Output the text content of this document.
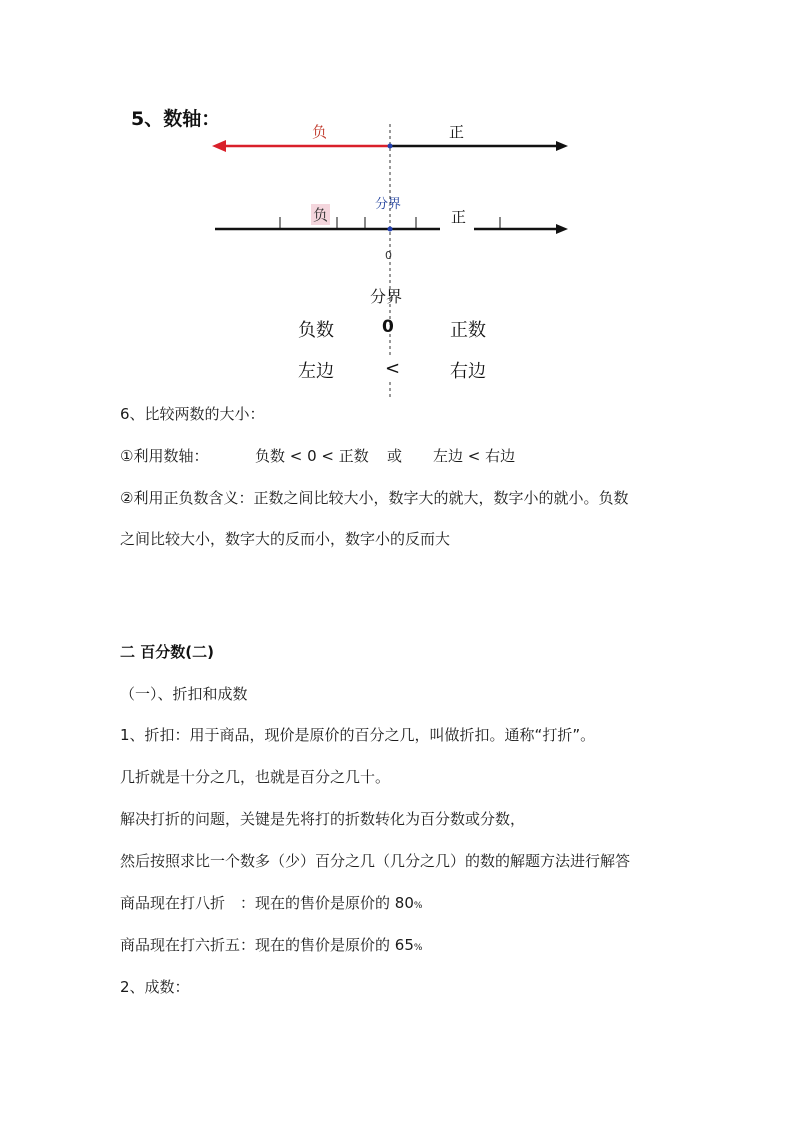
5、数轴：
负	正
分界
负	正
0
分界
负数	0	正数
左边	<	右边
6、比较两数的大小：
①利用数轴：	负数 < 0 < 正数 或 左边 < 右边
②利用正负数含义：正数之间比较大小，数字大的就大，数字小的就小。负数
之间比较大小，数字大的反而小，数字小的反而大
二 百分数(二)
（一）、折扣和成数
1、折扣：用于商品，现价是原价的百分之几，叫做折扣。通称“打折”。
几折就是十分之几，也就是百分之几十。
解决打折的问题，关键是先将打的折数转化为百分数或分数，
然后按照求比一个数多（少）百分之几（几分之几）的数的解题方法进行解答
商品现在打八折　：现在的售价是原价的 80%
商品现在打六折五：现在的售价是原价的 65%
2、成数：
